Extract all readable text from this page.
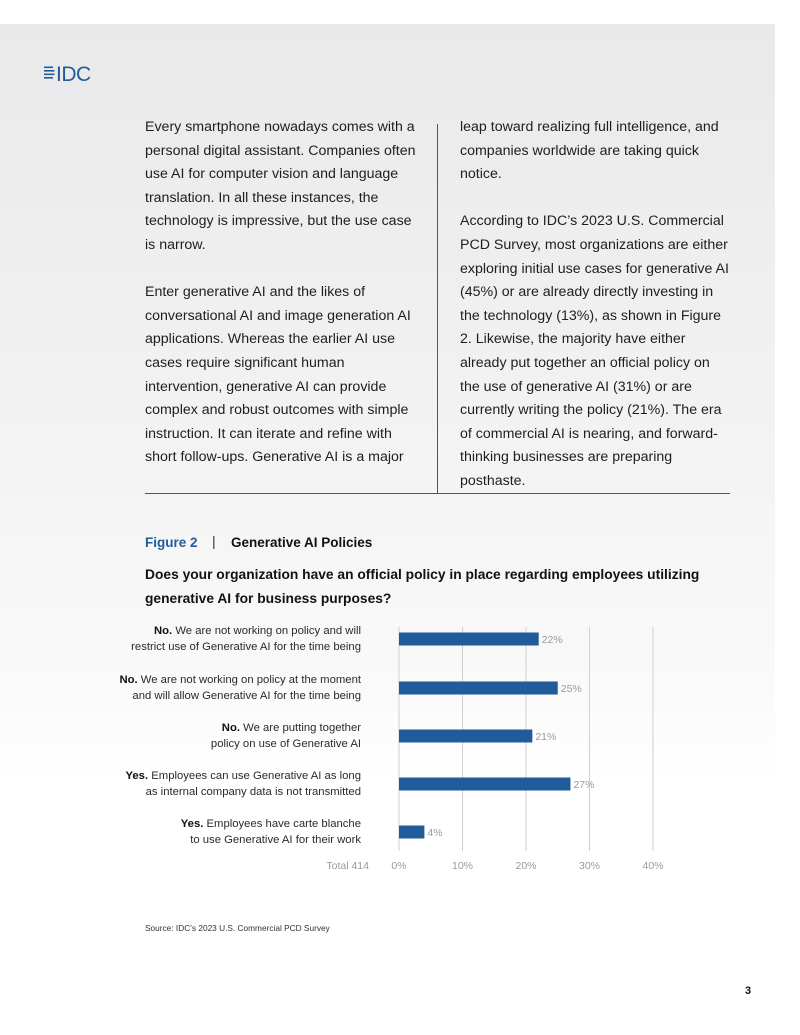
IDC

Every smartphone nowadays comes with a personal digital assistant. Companies often use AI for computer vision and language translation. In all these instances, the technology is impressive, but the use case is narrow.

Enter generative AI and the likes of conversational AI and image generation AI applications. Whereas the earlier AI use cases require significant human intervention, generative AI can provide complex and robust outcomes with simple instruction. It can iterate and refine with short follow-ups. Generative AI is a major

leap toward realizing full intelligence, and companies worldwide are taking quick notice.

According to IDC’s 2023 U.S. Commercial PCD Survey, most organizations are either exploring initial use cases for generative AI (45%) or are already directly investing in the technology (13%), as shown in Figure 2. Likewise, the majority have either already put together an official policy on the use of generative AI (31%) or are currently writing the policy (21%). The era of commercial AI is nearing, and forward-thinking businesses are preparing posthaste.

Figure 2 | Generative AI Policies
Does your organization have an official policy in place regarding employees utilizing generative AI for business purposes?
No. We are not working on policy and will
restrict use of Generative AI for the time being
No. We are not working on policy at the moment
and will allow Generative AI for the time being
No. We are putting together
policy on use of Generative AI
Yes. Employees can use Generative AI as long
as internal company data is not transmitted
Yes. Employees have carte blanche
to use Generative AI for their work
22%
25%
21%
27%
4%
0%	10%	20%	30%	40%
Total 414
Source: IDC’s 2023 U.S. Commercial PCD Survey
3
